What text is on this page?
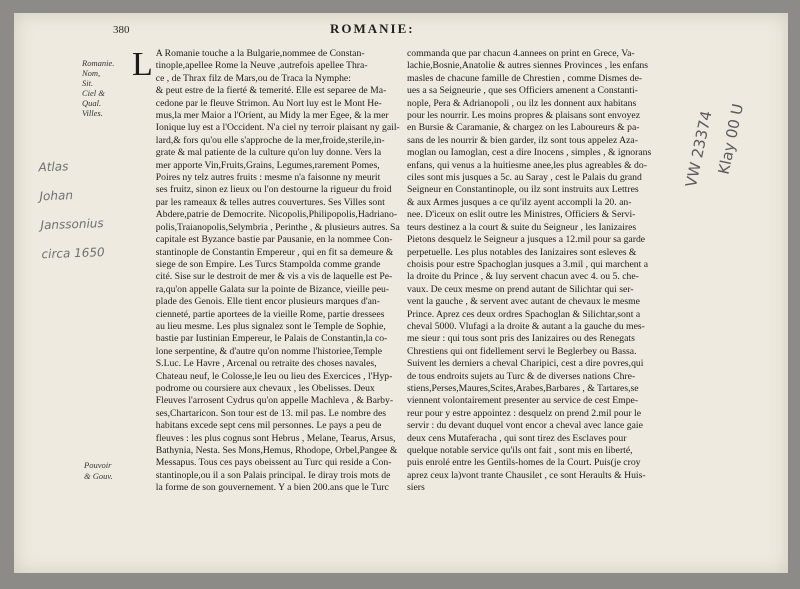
380	ROMANIE:
Romanie.
Nom,
Sit.
Ciel &
Qual.
Villes.
Pouvoir
& Gouv.
Atlas
Johan
Janssonius
circa 1650
VW 23374
Klay 00 U
L A Romanie touche a la Bulgarie,nommee de Constan-
tinople,apellee Rome la Neuve ,autrefois apellee Thra-
ce , de Thrax filz de Mars,ou de Traca la Nymphe:
& peut estre de la fierté & temerité. Elle est separee de Ma-
cedone par le fleuve Strimon. Au Nort luy est le Mont He-
mus,la mer Maior a l'Orient, au Midy la mer Egee, & la mer
Ionique luy est a l'Occident. N'a ciel ny terroir plaisant ny gail-
lard,& fors qu'ou elle s'approche de la mer,froide,sterile,in-
grate & mal patiente de la culture qu'on luy donne. Vers la
mer apporte Vin,Fruits,Grains, Legumes,rarement Pomes,
Poires ny telz autres fruits : mesme n'a faisonne ny meurit
ses fruitz, sinon ez lieux ou l'on destourne la rigueur du froid
par les rameaux & telles autres couvertures. Ses Villes sont
Abdere,patrie de Democrite. Nicopolis,Philipopolis,Hadriano-
polis,Traianopolis,Selymbria , Perinthe , & plusieurs autres. Sa
capitale est Byzance bastie par Pausanie, en la nommee Con-
stantinople de Constantin Empereur , qui en fit sa demeure &
siege de son Empire. Les Turcs Stampolda comme grande
cité. Sise sur le destroit de mer & vis a vis de laquelle est Pe-
ra,qu'on appelle Galata sur la pointe de Bizance, vieille peu-
plade des Genois. Elle tient encor plusieurs marques d'an-
cienneté, partie aportees de la vieille Rome, partie dressees
au lieu mesme. Les plus signalez sont le Temple de Sophie,
bastie par Iustinian Empereur, le Palais de Constantin,la co-
lone serpentine, & d'autre qu'on nomme l'historiee,Temple
S.Luc. Le Havre , Arcenal ou retraite des choses navales,
Chateau neuf, le Colosse,le Ieu ou lieu des Exercices , l'Hyp-
podrome ou coursiere aux chevaux , les Obelisses. Deux
Fleuves l'arrosent Cydrus qu'on appelle Machleva , & Barby-
ses,Chartaricon. Son tour est de 13. mil pas. Le nombre des
habitans excede sept cens mil personnes. Le pays a peu de
fleuves : les plus cognus sont Hebrus , Melane, Tearus, Arsus,
Bathynia, Nesta. Ses Mons,Hemus, Rhodope, Orbel,Pangee &
Messapus. Tous ces pays obeissent au Turc qui reside a Con-
stantinople,ou il a son Palais principal. Ie diray trois mots de
la forme de son gouvernement. Y a bien 200.ans que le Turc
commanda que par chacun 4.annees on print en Grece, Va-
lachie,Bosnie,Anatolie & autres siennes Provinces , les enfans
masles de chacune famille de Chrestien , comme Dismes de-
ues a sa Seigneurie , que ses Officiers amenent a Constanti-
nople, Pera & Adrianopoli , ou ilz les donnent aux habitans
pour les nourrir. Les moins propres & plaisans sont envoyez
en Bursie & Caramanie, & chargez on les Laboureurs & pa-
sans de les nourrir & bien garder, ilz sont tous appelez Aza-
moglan ou Iamoglan, cest a dire Inocens , simples , & ignorans
enfans, qui venus a la huitiesme anee,les plus agreables & do-
ciles sont mis jusques a 5c. au Saray , cest le Palais du grand
Seigneur en Constantinople, ou ilz sont instruits aux Lettres
& aux Armes jusques a ce qu'ilz ayent accompli la 20. an-
nee. D'iceux on eslit outre les Ministres, Officiers & Servi-
teurs destinez a la court & suite du Seigneur , les Ianizaires
Pietons desquelz le Seigneur a jusques a 12.mil pour sa garde
perpetuelle. Les plus notables des Ianizaires sont esleves &
choisis pour estre Spachoglan jusques a 3.mil , qui marchent a
la droite du Prince , & luy servent chacun avec 4. ou 5. che-
vaux. De ceux mesme on prend autant de Silichtar qui ser-
vent la gauche , & servent avec autant de chevaux le mesme
Prince. Aprez ces deux ordres Spachoglan & Silichtar,sont a
cheval 5000. Vlufagi a la droite & autant a la gauche du mes-
me sieur : qui tous sont pris des Ianizaires ou des Renegats
Chrestiens qui ont fidellement servi le Beglerbey ou Bassa.
Suivent les derniers a cheval Charipici, cest a dire povres,qui
de tous endroits sujets au Turc & de diverses nations Chre-
stiens,Perses,Maures,Scites,Arabes,Barbares , & Tartares,se
viennent volontairement presenter au service de cest Empe-
reur pour y estre appointez : desquelz on prend 2.mil pour le
servir : du devant duquel vont encor a cheval avec lance gaie
deux cens Mutaferacha , qui sont tirez des Esclaves pour
quelque notable service qu'ils ont fait , sont mis en liberté,
puis enrolé entre les Gentils-homes de la Court. Puis(je croy
aprez ceux la)vont trante Chausilet , ce sont Heraults & Huis-
siers
